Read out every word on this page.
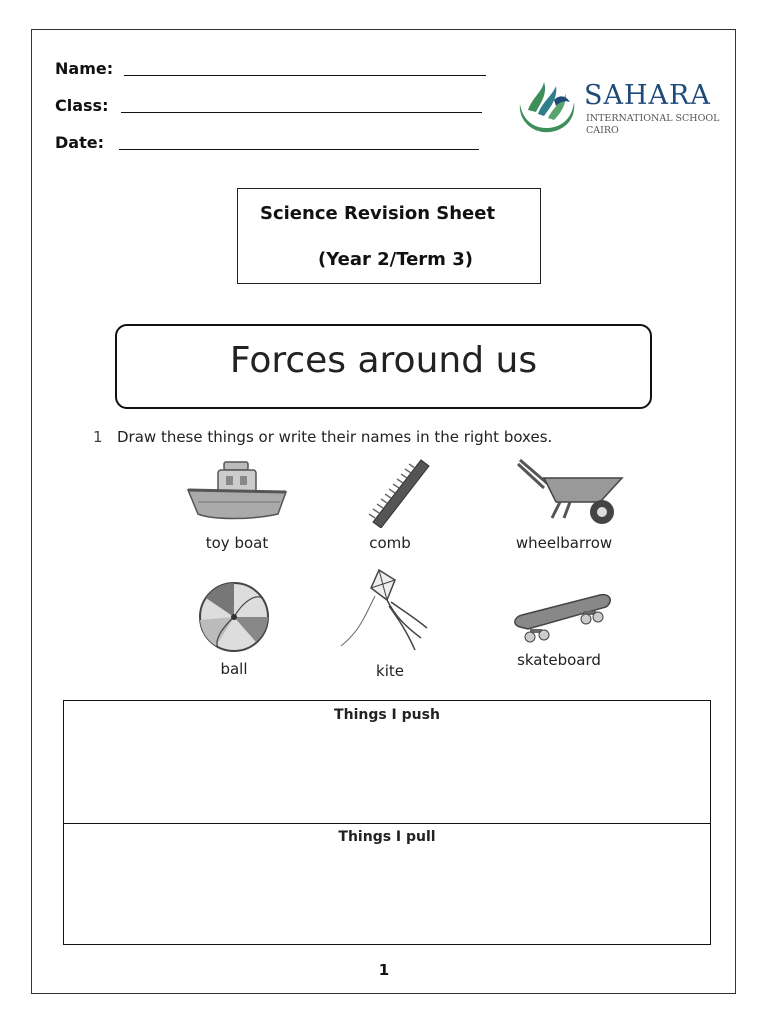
Name:
Class:
Date:
SAHARA
INTERNATIONAL SCHOOL
CAIRO
Science Revision Sheet
(Year 2/Term 3)
Forces around us
1 Draw these things or write their names in the right boxes.
toy boat	comb	wheelbarrow
ball	kite
skateboard
Things I push
Things I pull
1
